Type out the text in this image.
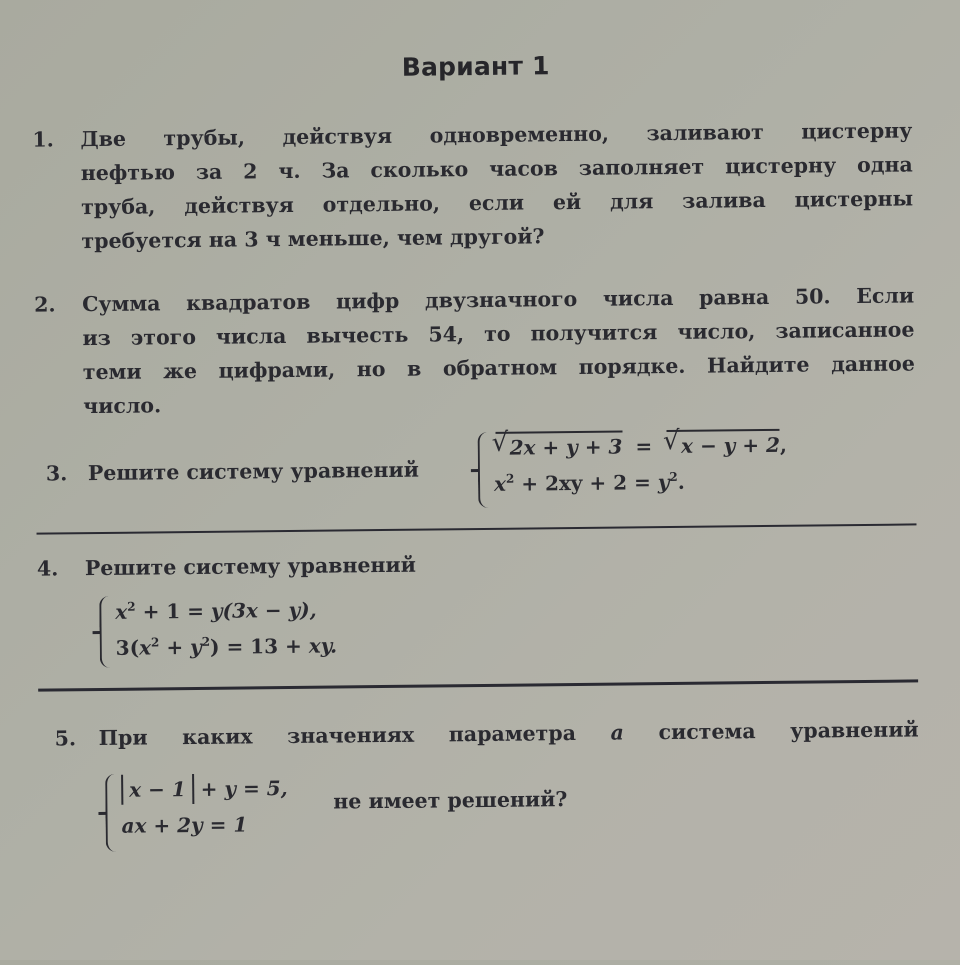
Вариант 1
1.	Две трубы, действуя одновременно, заливают цистерну
нефтью за 2 ч. За сколько часов заполняет цистерну одна
труба, действуя отдельно, если ей для залива цистерны
требуется на 3 ч меньше, чем другой?
2.	Сумма квадратов цифр двузначного числа равна 50. Если
из этого числа вычесть 54, то получится число, записанное
теми же цифрами, но в обратном порядке. Найдите данное
число.
3. Решите систему уравнений
√ 2x + y + 3 = √ x − y + 2,
$x^2 + 2xy + 2 = y^2$.
4.	Решите систему уравнений
$x^2 + 1 = y(3x - y)$,
$3(x^2 + y^2) = 13$ + xy.
5.	При каких значениях параметра a система уравнений
x − 1 + y = 5,
ax + 2y = 1
не имеет решений?
